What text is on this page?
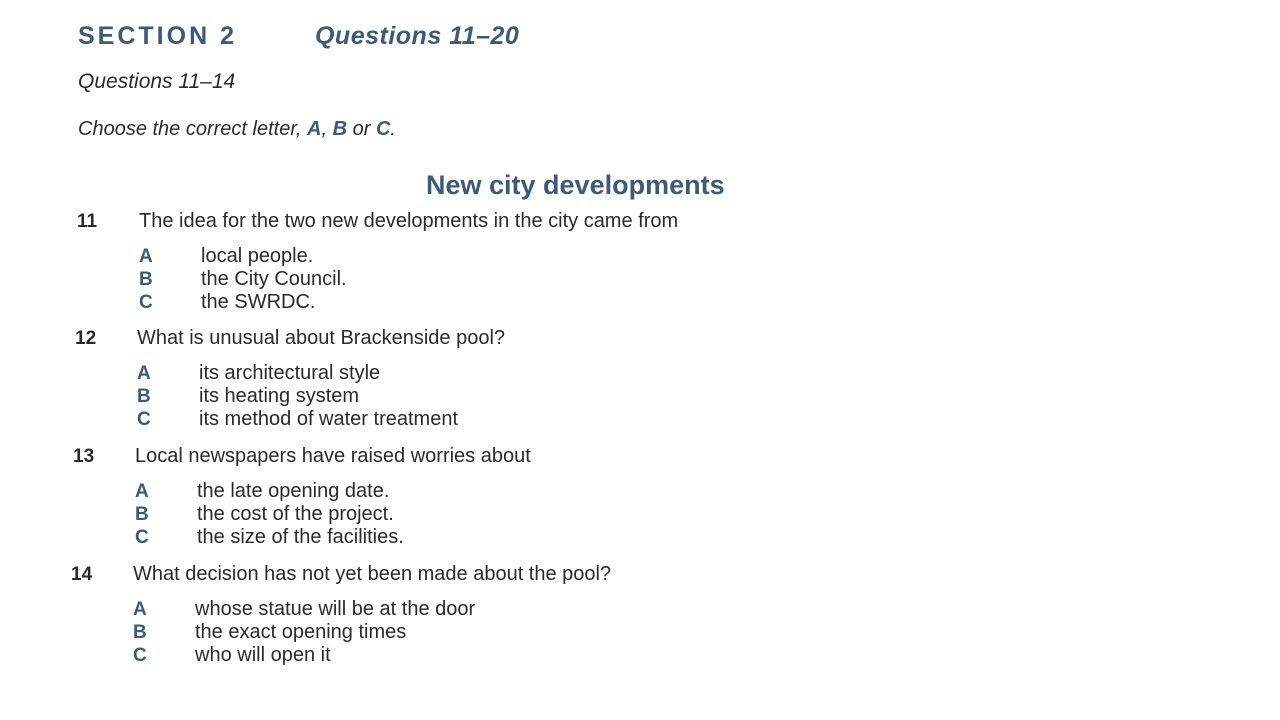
SECTION 2	Questions 11–20
Questions 11–14
Choose the correct letter, A, B or C.
New city developments
11	The idea for the two new developments in the city came from
A	local people.
B	the City Council.
C	the SWRDC.
12	What is unusual about Brackenside pool?
A	its architectural style
B	its heating system
C	its method of water treatment
13	Local newspapers have raised worries about
A	the late opening date.
B	the cost of the project.
C	the size of the facilities.
14	What decision has not yet been made about the pool?
A	whose statue will be at the door
B	the exact opening times
C	who will open it
